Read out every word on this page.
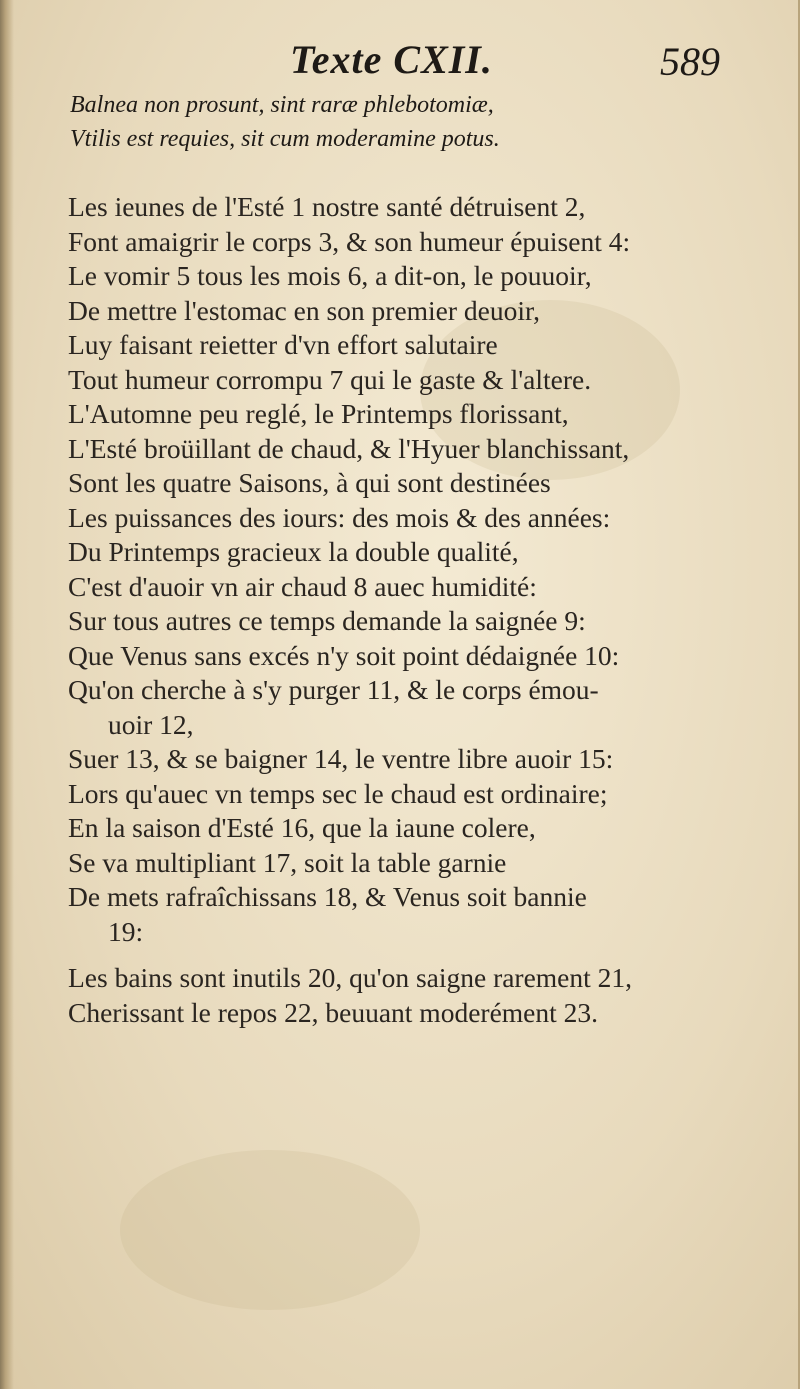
Texte CXII.	589
Balnea non prosunt, sint raræ phlebotomiæ,
Vtilis est requies, sit cum moderamine potus.
Les ieunes de l'Esté 1 nostre santé détruisent 2,
Font amaigrir le corps 3, & son humeur épuisent 4:
Le vomir 5 tous les mois 6, a dit-on, le pouuoir,
De mettre l'estomac en son premier deuoir,
Luy faisant reietter d'vn effort salutaire
Tout humeur corrompu 7 qui le gaste & l'altere.
L'Automne peu reglé, le Printemps florissant,
L'Esté broüillant de chaud, & l'Hyuer blanchissant,
Sont les quatre Saisons, à qui sont destinées
Les puissances des iours: des mois & des années:
Du Printemps gracieux la double qualité,
C'est d'auoir vn air chaud 8 auec humidité:
Sur tous autres ce temps demande la saignée 9:
Que Venus sans excés n'y soit point dédaignée 10:
Qu'on cherche à s'y purger 11, & le corps émou-
uoir 12,
Suer 13, & se baigner 14, le ventre libre auoir 15:
Lors qu'auec vn temps sec le chaud est ordinaire;
En la saison d'Esté 16, que la iaune colere,
Se va multipliant 17, soit la table garnie
De mets rafraîchissans 18, & Venus soit bannie
19:
Les bains sont inutils 20, qu'on saigne rarement 21,
Cherissant le repos 22, beuuant moderément 23.
